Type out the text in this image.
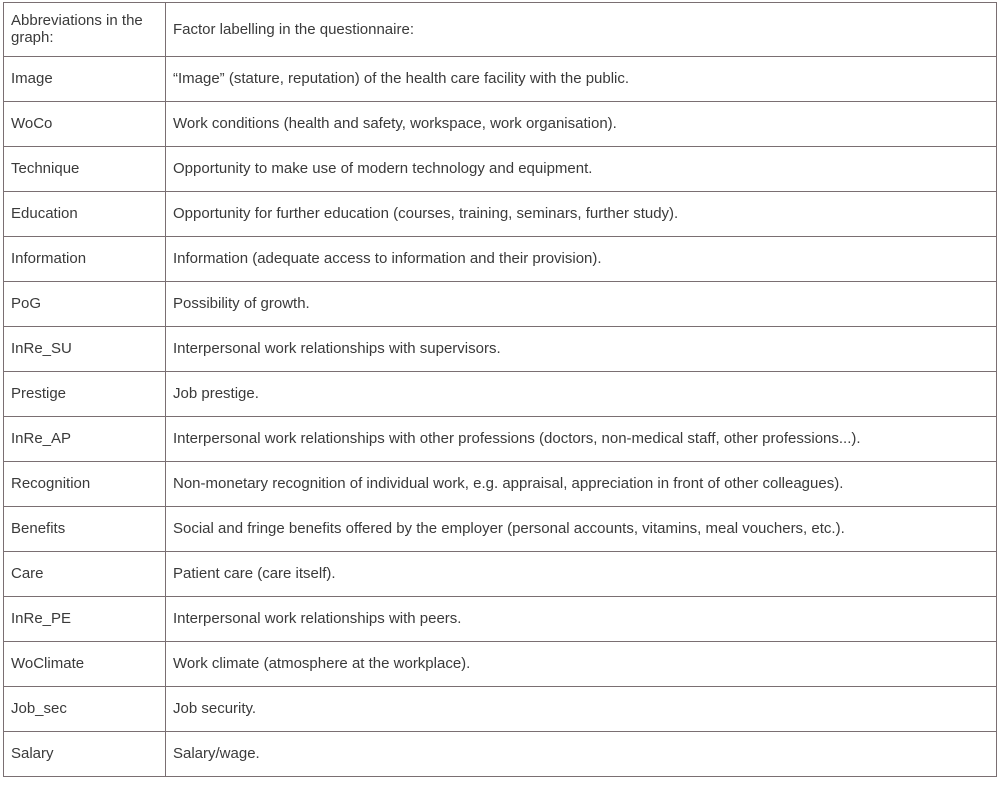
Abbreviations in the graph:	Factor labelling in the questionnaire:
Image	“Image” (stature, reputation) of the health care facility with the public.
WoCo	Work conditions (health and safety, workspace, work organisation).
Technique	Opportunity to make use of modern technology and equipment.
Education	Opportunity for further education (courses, training, seminars, further study).
Information	Information (adequate access to information and their provision).
PoG	Possibility of growth.
InRe_SU	Interpersonal work relationships with supervisors.
Prestige	Job prestige.
InRe_AP	Interpersonal work relationships with other professions (doctors, non-medical staff, other professions...).
Recognition	Non-monetary recognition of individual work, e.g. appraisal, appreciation in front of other colleagues).
Benefits	Social and fringe benefits offered by the employer (personal accounts, vitamins, meal vouchers, etc.).
Care	Patient care (care itself).
InRe_PE	Interpersonal work relationships with peers.
WoClimate	Work climate (atmosphere at the workplace).
Job_sec	Job security.
Salary	Salary/wage.
